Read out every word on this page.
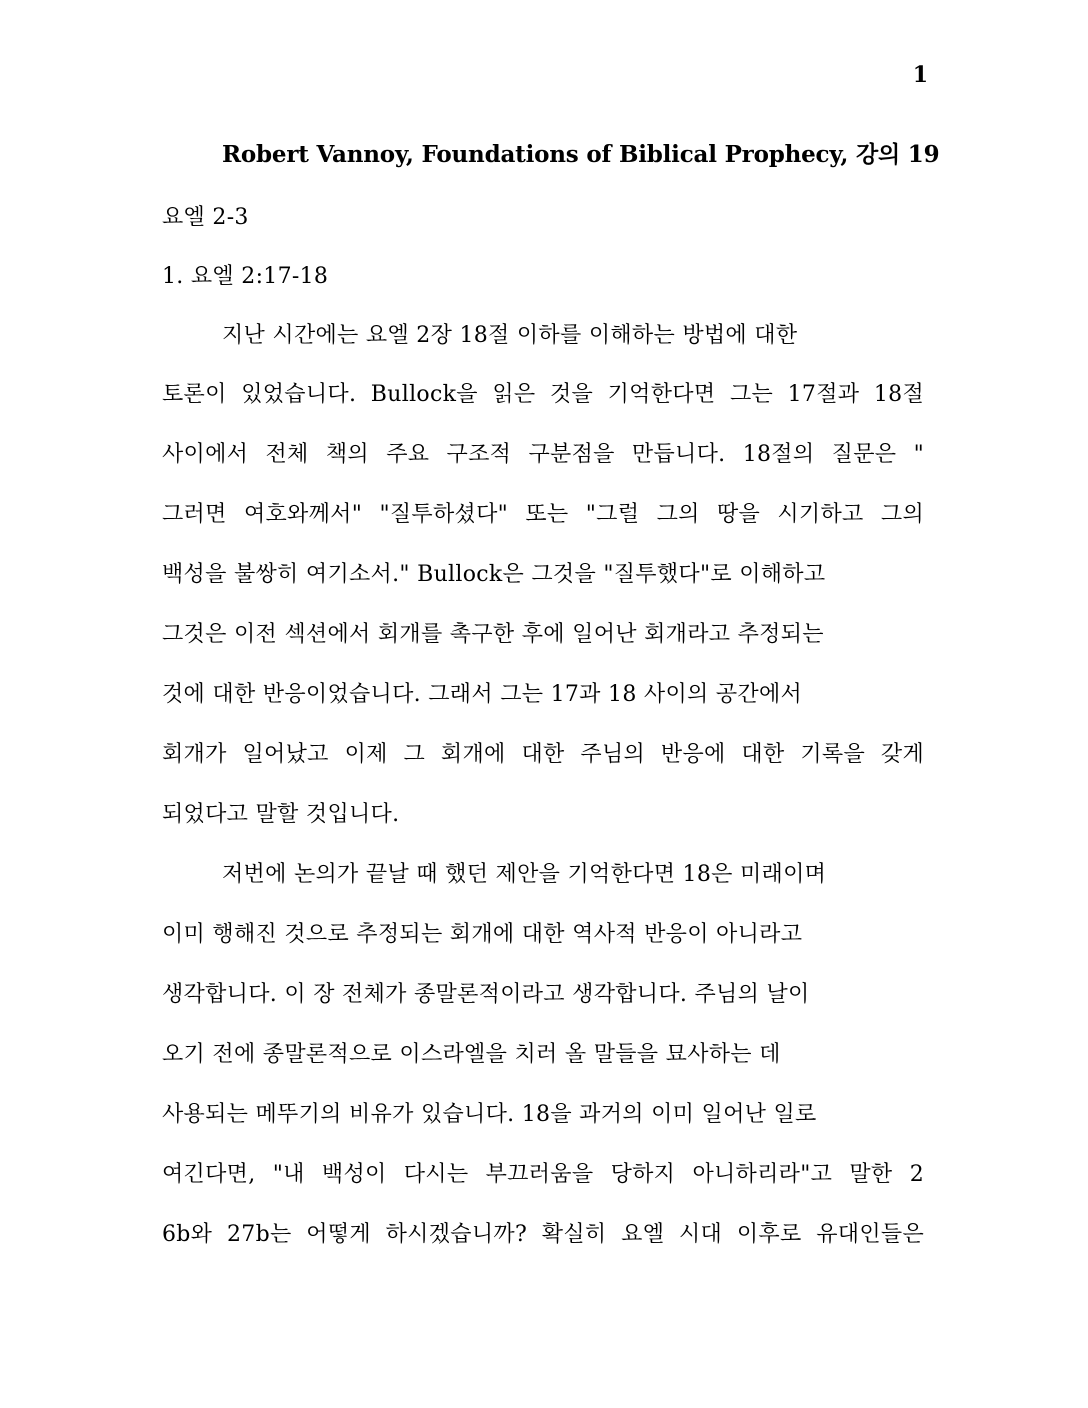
1
Robert Vannoy, Foundations of Biblical Prophecy, 강의 19
요엘 2-3
1. 요엘 2:17-18
지난 시간에는 요엘 2장 18절 이하를 이해하는 방법에 대한
토론이 있었습니다. Bullock을 읽은 것을 기억한다면 그는 17절과 18절
사이에서 전체 책의 주요 구조적 구분점을 만듭니다. 18절의 질문은 "
그러면 여호와께서" "질투하셨다" 또는 "그럴 그의 땅을 시기하고 그의
백성을 불쌍히 여기소서." Bullock은 그것을 "질투했다"로 이해하고
그것은 이전 섹션에서 회개를 촉구한 후에 일어난 회개라고 추정되는
것에 대한 반응이었습니다. 그래서 그는 17과 18 사이의 공간에서
회개가 일어났고 이제 그 회개에 대한 주님의 반응에 대한 기록을 갖게
되었다고 말할 것입니다.
저번에 논의가 끝날 때 했던 제안을 기억한다면 18은 미래이며
이미 행해진 것으로 추정되는 회개에 대한 역사적 반응이 아니라고
생각합니다. 이 장 전체가 종말론적이라고 생각합니다. 주님의 날이
오기 전에 종말론적으로 이스라엘을 치러 올 말들을 묘사하는 데
사용되는 메뚜기의 비유가 있습니다. 18을 과거의 이미 일어난 일로
여긴다면, "내 백성이 다시는 부끄러움을 당하지 아니하리라"고 말한 2
6b와 27b는 어떻게 하시겠습니까? 확실히 요엘 시대 이후로 유대인들은
